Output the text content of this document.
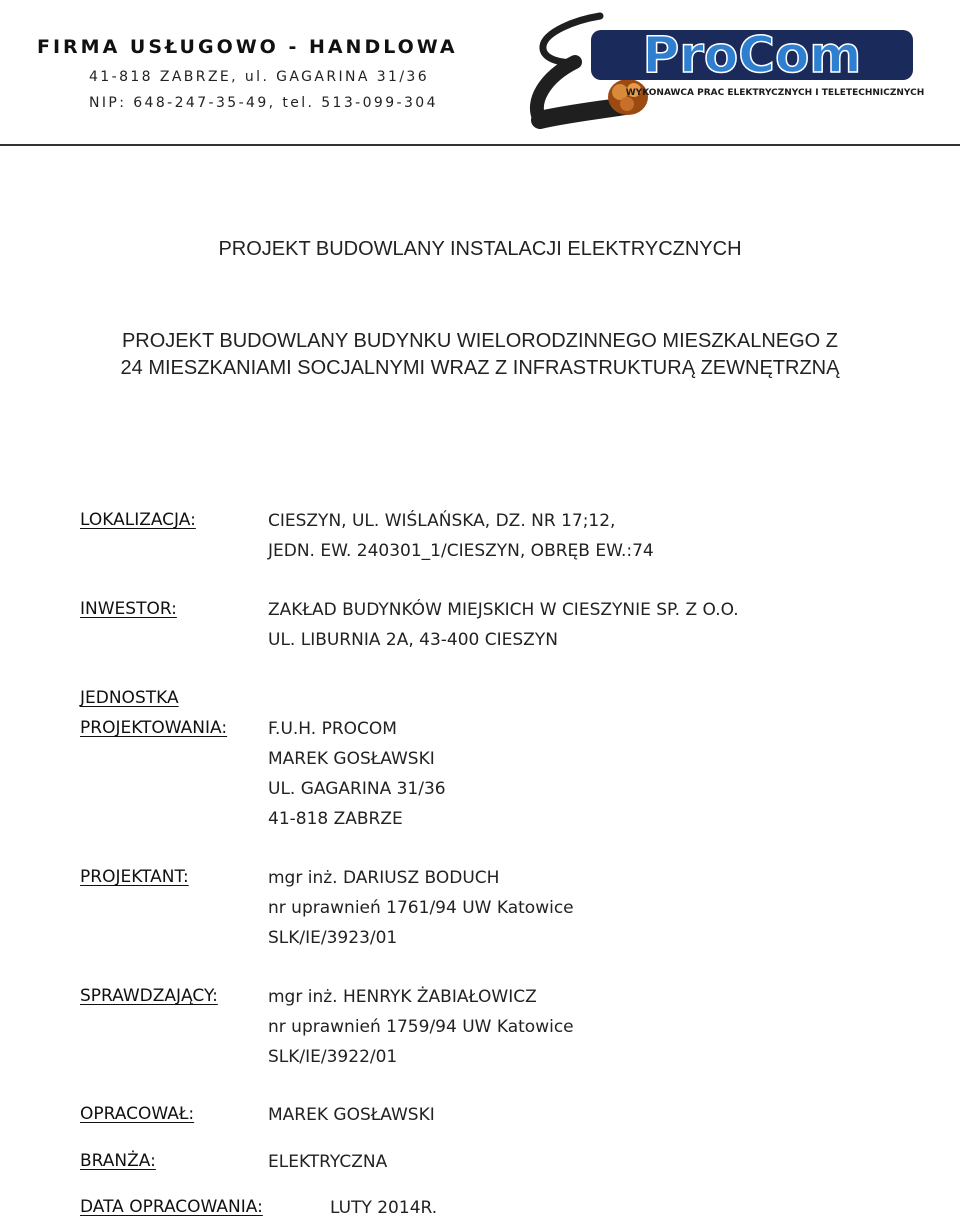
FIRMA USŁUGOWO - HANDLOWA
41-818 ZABRZE, ul. GAGARINA 31/36
NIP: 648-247-35-49, tel. 513-099-304
ProCom
WYKONAWCA PRAC ELEKTRYCZNYCH I TELETECHNICZNYCH
PROJEKT BUDOWLANY INSTALACJI ELEKTRYCZNYCH
PROJEKT BUDOWLANY BUDYNKU WIELORODZINNEGO MIESZKALNEGO Z
24 MIESZKANIAMI SOCJALNYMI WRAZ Z INFRASTRUKTURĄ ZEWNĘTRZNĄ
LOKALIZACJA:	CIESZYN, UL. WIŚLAŃSKA, DZ. NR 17;12,
JEDN. EW. 240301_1/CIESZYN, OBRĘB EW.:74
INWESTOR:	ZAKŁAD BUDYNKÓW MIEJSKICH W CIESZYNIE SP. Z O.O.
UL. LIBURNIA 2A, 43-400 CIESZYN
JEDNOSTKA
PROJEKTOWANIA: F.U.H. PROCOM
MAREK GOSŁAWSKI
UL. GAGARINA 31/36
41-818 ZABRZE
PROJEKTANT:	mgr inż. DARIUSZ BODUCH
nr uprawnień 1761/94 UW Katowice
SLK/IE/3923/01
SPRAWDZAJĄCY:	mgr inż. HENRYK ŻABIAŁOWICZ
nr uprawnień 1759/94 UW Katowice
SLK/IE/3922/01
OPRACOWAŁ:	MAREK GOSŁAWSKI
BRANŻA:	ELEKTRYCZNA
DATA OPRACOWANIA:	LUTY 2014R.
